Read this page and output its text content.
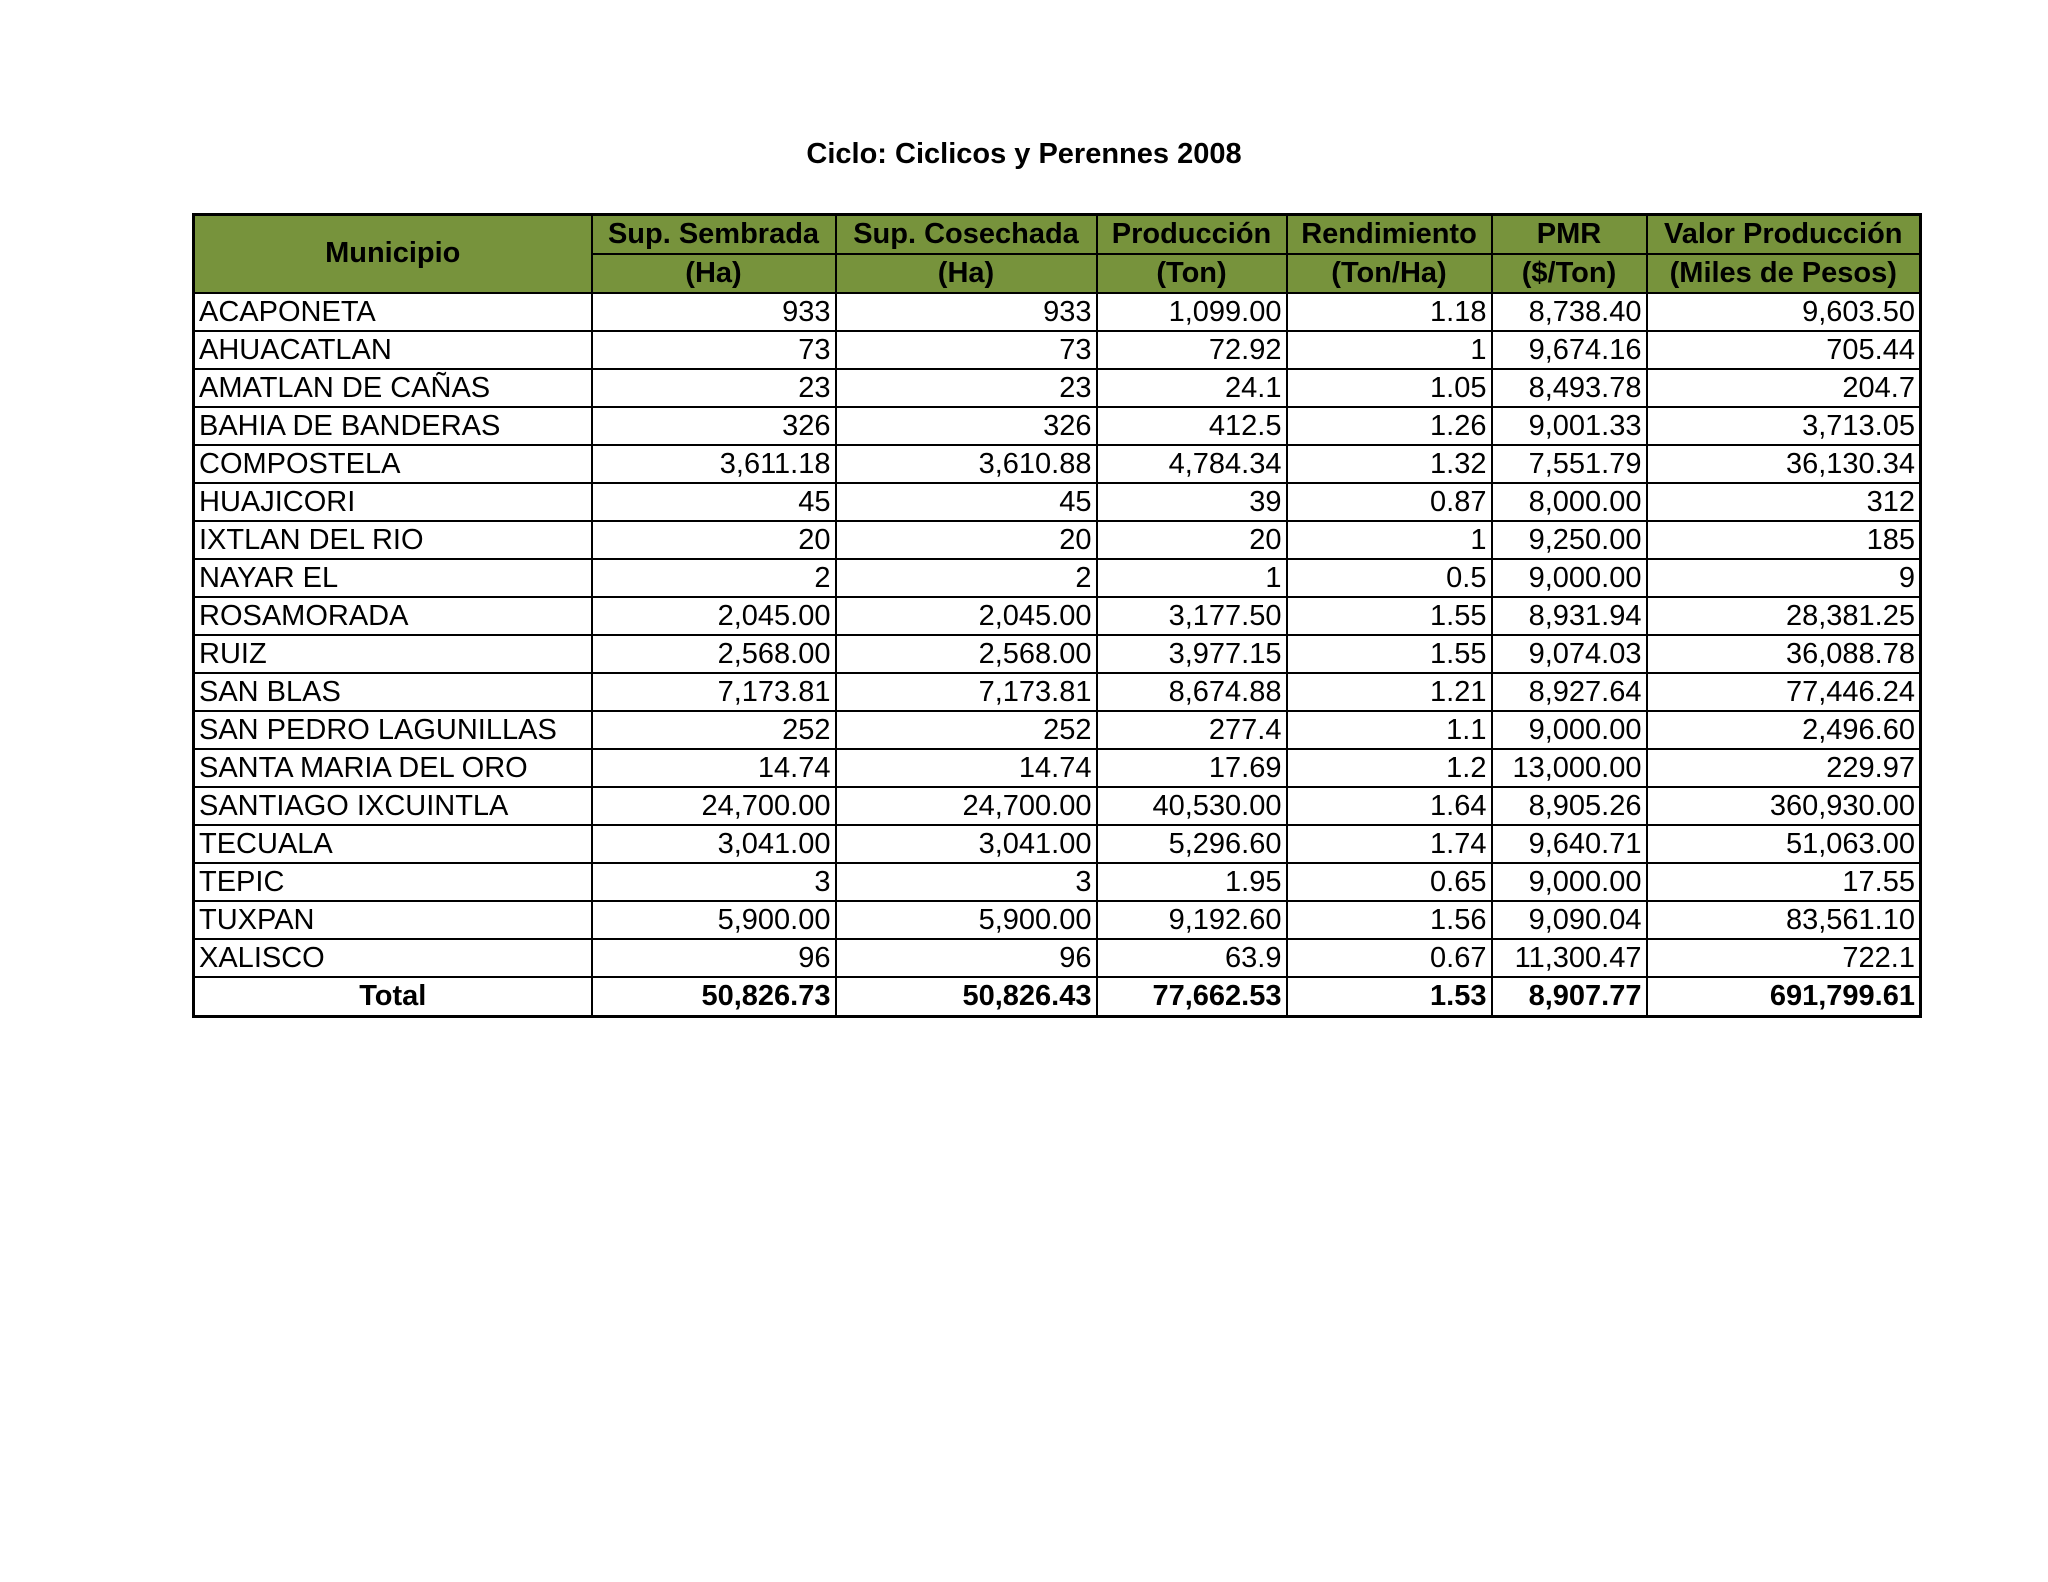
Ciclo: Ciclicos y Perennes 2008
Municipio	Sup. Sembrada	Sup. Cosechada	Producción	Rendimiento	PMR	Valor Producción
	(Ha)	(Ha)	(Ton)	(Ton/Ha)	($/Ton)	(Miles de Pesos)
ACAPONETA	933	933	1,099.00	1.18	8,738.40	9,603.50
AHUACATLAN	73	73	72.92	1	9,674.16	705.44
AMATLAN DE CAÑAS	23	23	24.1	1.05	8,493.78	204.7
BAHIA DE BANDERAS	326	326	412.5	1.26	9,001.33	3,713.05
COMPOSTELA	3,611.18	3,610.88	4,784.34	1.32	7,551.79	36,130.34
HUAJICORI	45	45	39	0.87	8,000.00	312
IXTLAN DEL RIO	20	20	20	1	9,250.00	185
NAYAR EL	2	2	1	0.5	9,000.00	9
ROSAMORADA	2,045.00	2,045.00	3,177.50	1.55	8,931.94	28,381.25
RUIZ	2,568.00	2,568.00	3,977.15	1.55	9,074.03	36,088.78
SAN BLAS	7,173.81	7,173.81	8,674.88	1.21	8,927.64	77,446.24
SAN PEDRO LAGUNILLAS	252	252	277.4	1.1	9,000.00	2,496.60
SANTA MARIA DEL ORO	14.74	14.74	17.69	1.2	13,000.00	229.97
SANTIAGO IXCUINTLA	24,700.00	24,700.00	40,530.00	1.64	8,905.26	360,930.00
TECUALA	3,041.00	3,041.00	5,296.60	1.74	9,640.71	51,063.00
TEPIC	3	3	1.95	0.65	9,000.00	17.55
TUXPAN	5,900.00	5,900.00	9,192.60	1.56	9,090.04	83,561.10
XALISCO	96	96	63.9	0.67	11,300.47	722.1
Total	50,826.73	50,826.43	77,662.53	1.53	8,907.77	691,799.61
